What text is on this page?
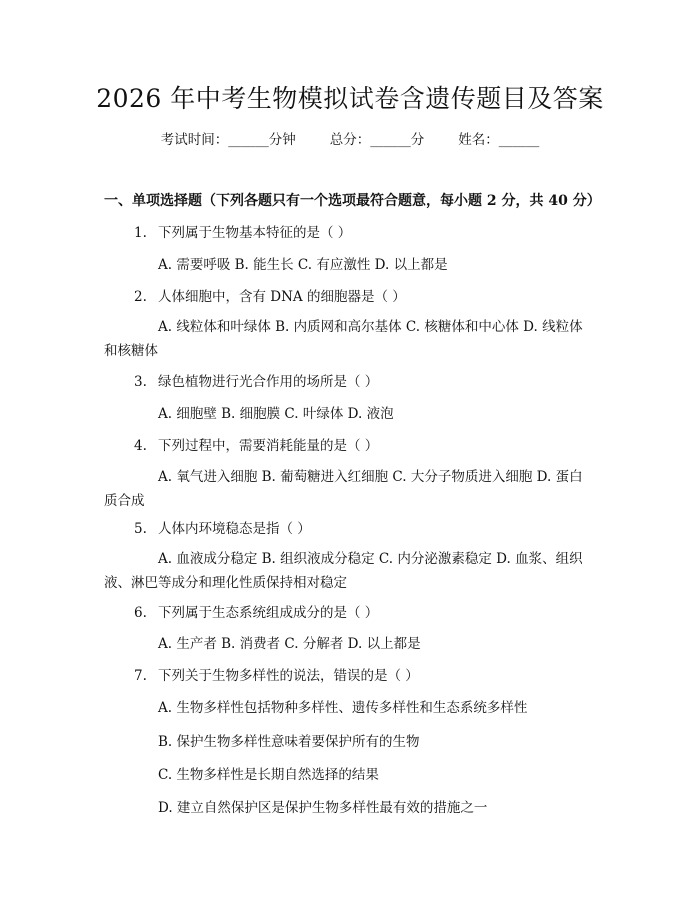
2026 年中考生物模拟试卷含遗传题目及答案
考试时间：______分钟	总分：______分	姓名：______
一、单项选择题（下列各题只有一个选项最符合题意，每小题 2 分，共 40 分）
1. 下列属于生物基本特征的是（ ）
A. 需要呼吸 B. 能生长 C. 有应激性 D. 以上都是
2. 人体细胞中，含有 DNA 的细胞器是（ ）
A. 线粒体和叶绿体 B. 内质网和高尔基体 C. 核糖体和中心体 D. 线粒体和核糖体
3. 绿色植物进行光合作用的场所是（ ）
A. 细胞壁 B. 细胞膜 C. 叶绿体 D. 液泡
4. 下列过程中，需要消耗能量的是（ ）
A. 氧气进入细胞 B. 葡萄糖进入红细胞 C. 大分子物质进入细胞 D. 蛋白质合成
5. 人体内环境稳态是指（ ）
A. 血液成分稳定 B. 组织液成分稳定 C. 内分泌激素稳定 D. 血浆、组织液、淋巴等成分和理化性质保持相对稳定
6. 下列属于生态系统组成成分的是（ ）
A. 生产者 B. 消费者 C. 分解者 D. 以上都是
7. 下列关于生物多样性的说法，错误的是（ ）
A. 生物多样性包括物种多样性、遗传多样性和生态系统多样性
B. 保护生物多样性意味着要保护所有的生物
C. 生物多样性是长期自然选择的结果
D. 建立自然保护区是保护生物多样性最有效的措施之一
